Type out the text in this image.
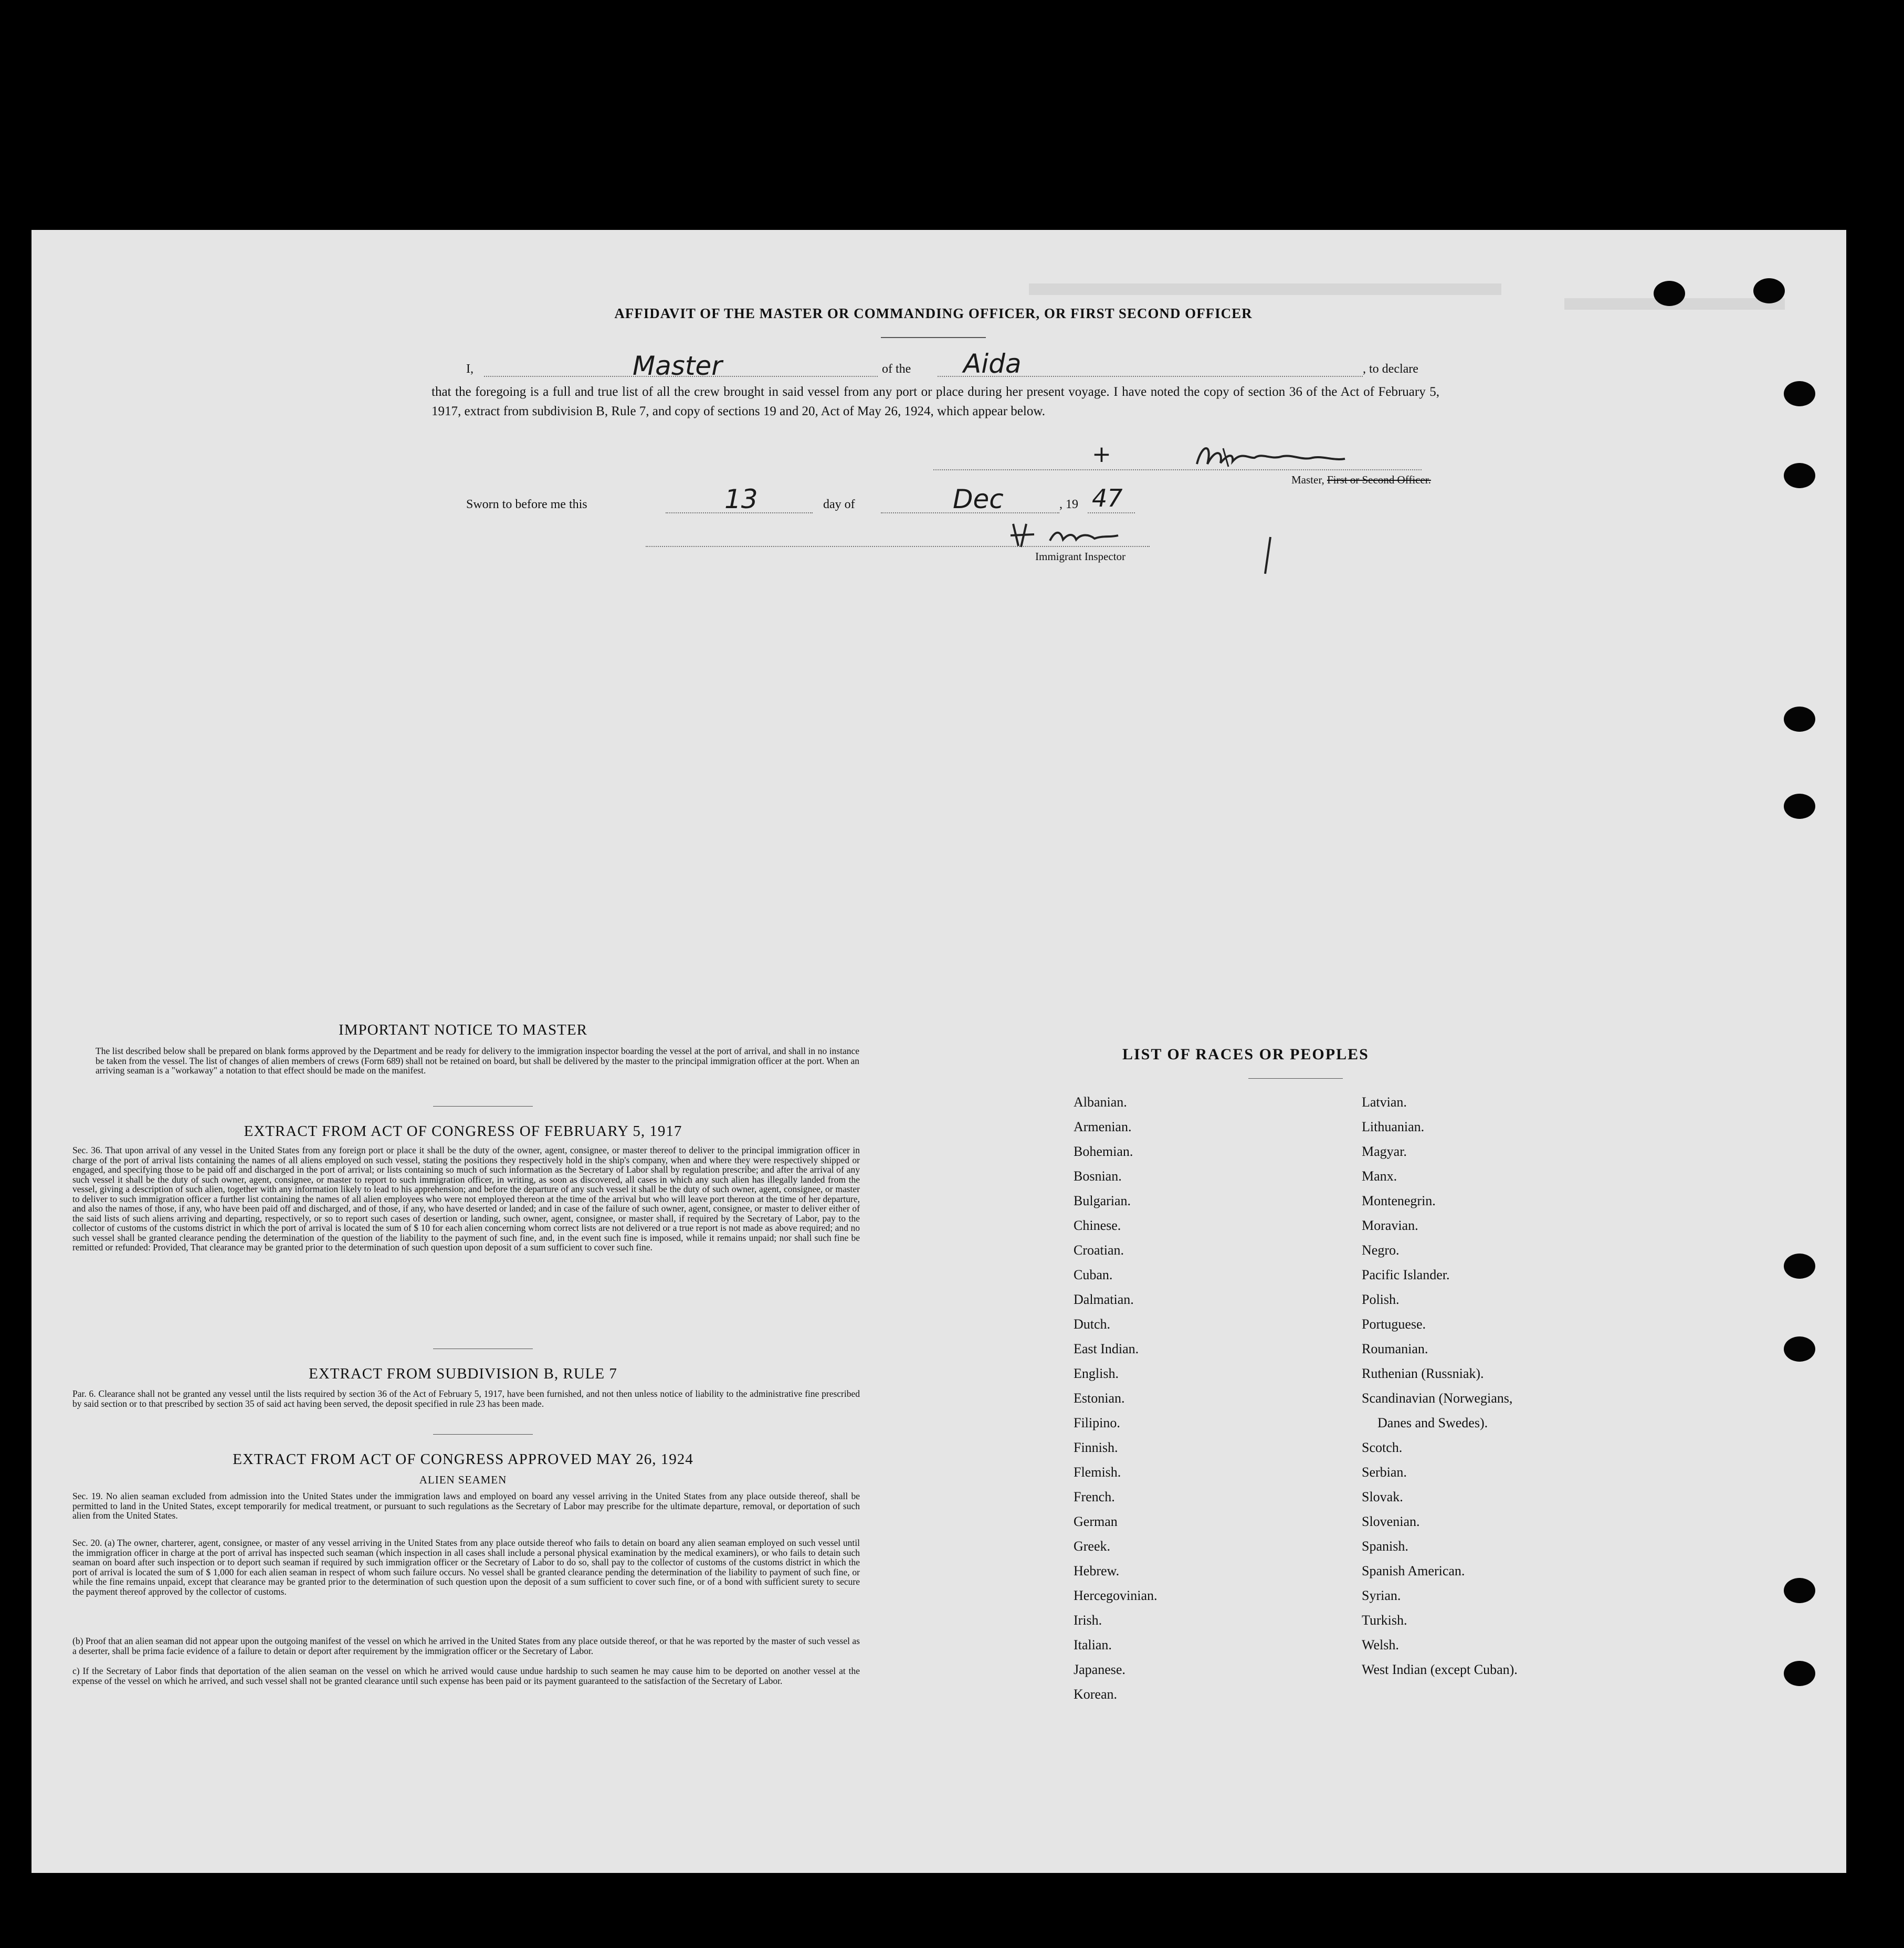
AFFIDAVIT OF THE MASTER OR COMMANDING OFFICER, OR FIRST SECOND OFFICER
I,	Master	of the Aida	, to declare
that the foregoing is a full and true list of all the crew brought in said vessel from any port or place during her present voyage. I have noted the copy of section 36 of the Act of February 5, 1917, extract from subdivision B, Rule 7, and copy of sections 19 and 20, Act of May 26, 1924, which appear below.
+
Master, First or Second Officer.
Sworn to before me this	13	day of	Dec	, 19 47
Immigrant Inspector
IMPORTANT NOTICE TO MASTER
The list described below shall be prepared on blank forms approved by the Department and be ready for delivery to the immigration inspector boarding the vessel at the port of arrival, and shall in no instance be taken from the vessel. The list of changes of alien members of crews (Form 689) shall not be retained on board, but shall be delivered by the master to the principal immigration officer at the port. When an arriving seaman is a "workaway" a notation to that effect should be made on the manifest.
EXTRACT FROM ACT OF CONGRESS OF FEBRUARY 5, 1917
Sec. 36. That upon arrival of any vessel in the United States from any foreign port or place it shall be the duty of the owner, agent, consignee, or master thereof to deliver to the principal immigration officer in charge of the port of arrival lists containing the names of all aliens employed on such vessel, stating the positions they respectively hold in the ship's company, when and where they were respectively shipped or engaged, and specifying those to be paid off and discharged in the port of arrival; or lists containing so much of such information as the Secretary of Labor shall by regulation prescribe; and after the arrival of any such vessel it shall be the duty of such owner, agent, consignee, or master to report to such immigration officer, in writing, as soon as discovered, all cases in which any such alien has illegally landed from the vessel, giving a description of such alien, together with any information likely to lead to his apprehension; and before the departure of any such vessel it shall be the duty of such owner, agent, consignee, or master to deliver to such immigration officer a further list containing the names of all alien employees who were not employed thereon at the time of the arrival but who will leave port thereon at the time of her departure, and also the names of those, if any, who have been paid off and discharged, and of those, if any, who have deserted or landed; and in case of the failure of such owner, agent, consignee, or master to deliver either of the said lists of such aliens arriving and departing, respectively, or so to report such cases of desertion or landing, such owner, agent, consignee, or master shall, if required by the Secretary of Labor, pay to the collector of customs of the customs district in which the port of arrival is located the sum of $ 10 for each alien concerning whom correct lists are not delivered or a true report is not made as above required; and no such vessel shall be granted clearance pending the determination of the question of the liability to the payment of such fine, and, in the event such fine is imposed, while it remains unpaid; nor shall such fine be remitted or refunded: Provided, That clearance may be granted prior to the determination of such question upon deposit of a sum sufficient to cover such fine.
EXTRACT FROM SUBDIVISION B, RULE 7
Par. 6. Clearance shall not be granted any vessel until the lists required by section 36 of the Act of February 5, 1917, have been furnished, and not then unless notice of liability to the administrative fine prescribed by said section or to that prescribed by section 35 of said act having been served, the deposit specified in rule 23 has been made.
EXTRACT FROM ACT OF CONGRESS APPROVED MAY 26, 1924
ALIEN SEAMEN
Sec. 19. No alien seaman excluded from admission into the United States under the immigration laws and employed on board any vessel arriving in the United States from any place outside thereof, shall be permitted to land in the United States, except temporarily for medical treatment, or pursuant to such regulations as the Secretary of Labor may prescribe for the ultimate departure, removal, or deportation of such alien from the United States.
Sec. 20. (a) The owner, charterer, agent, consignee, or master of any vessel arriving in the United States from any place outside thereof who fails to detain on board any alien seaman employed on such vessel until the immigration officer in charge at the port of arrival has inspected such seaman (which inspection in all cases shall include a personal physical examination by the medical examiners), or who fails to detain such seaman on board after such inspection or to deport such seaman if required by such immigration officer or the Secretary of Labor to do so, shall pay to the collector of customs of the customs district in which the port of arrival is located the sum of $ 1,000 for each alien seaman in respect of whom such failure occurs. No vessel shall be granted clearance pending the determination of the liability to payment of such fine, or while the fine remains unpaid, except that clearance may be granted prior to the determination of such question upon the deposit of a sum sufficient to cover such fine, or of a bond with sufficient surety to secure the payment thereof approved by the collector of customs.
(b) Proof that an alien seaman did not appear upon the outgoing manifest of the vessel on which he arrived in the United States from any place outside thereof, or that he was reported by the master of such vessel as a deserter, shall be prima facie evidence of a failure to detain or deport after requirement by the immigration officer or the Secretary of Labor.
c) If the Secretary of Labor finds that deportation of the alien seaman on the vessel on which he arrived would cause undue hardship to such seamen he may cause him to be deported on another vessel at the expense of the vessel on which he arrived, and such vessel shall not be granted clearance until such expense has been paid or its payment guaranteed to the satisfaction of the Secretary of Labor.
LIST OF RACES OR PEOPLES
Albanian.
Armenian.
Bohemian.
Bosnian.
Bulgarian.
Chinese.
Croatian.
Cuban.
Dalmatian.
Dutch.
East Indian.
English.
Estonian.
Filipino.
Finnish.
Flemish.
French.
German
Greek.
Hebrew.
Hercegovinian.
Irish.
Italian.
Japanese.
Korean.
Latvian.
Lithuanian.
Magyar.
Manx.
Montenegrin.
Moravian.
Negro.
Pacific Islander.
Polish.
Portuguese.
Roumanian.
Ruthenian (Russniak).
Scandinavian (Norwegians,
Danes and Swedes).
Scotch.
Serbian.
Slovak.
Slovenian.
Spanish.
Spanish American.
Syrian.
Turkish.
Welsh.
West Indian (except Cuban).
